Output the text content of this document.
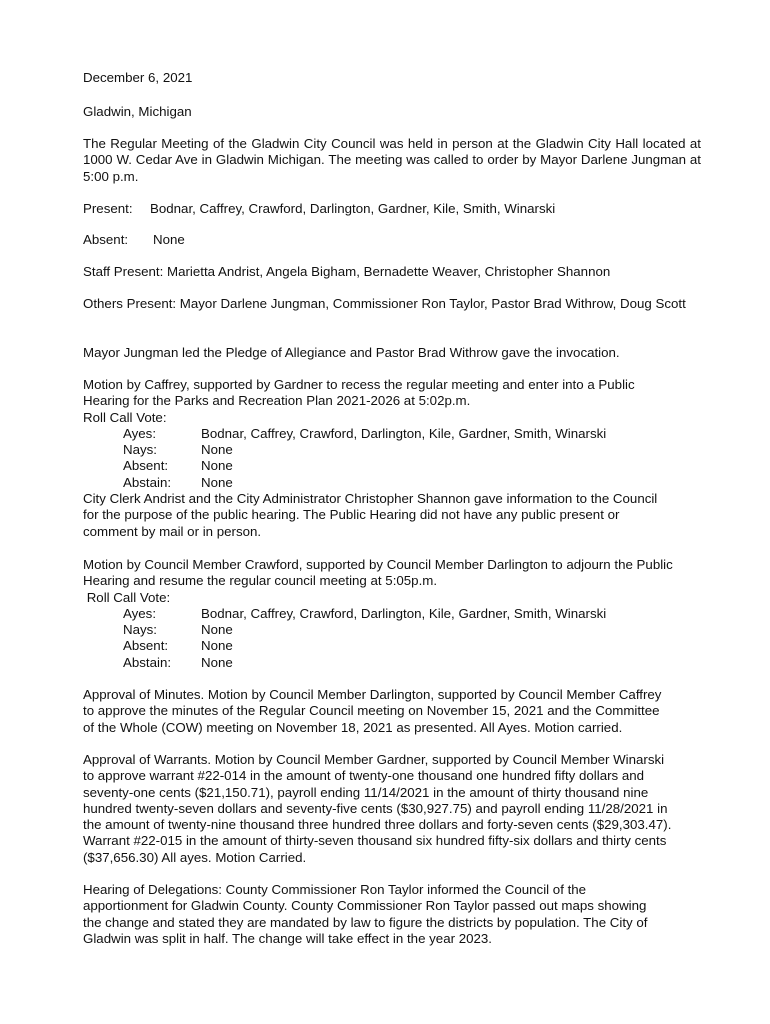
December 6, 2021

Gladwin, Michigan

The Regular Meeting of the Gladwin City Council was held in person at the Gladwin City Hall located at 1000 W. Cedar Ave in Gladwin Michigan. The meeting was called to order by Mayor Darlene Jungman at 5:00 p.m.

Present:	Bodnar, Caffrey, Crawford, Darlington, Gardner, Kile, Smith, Winarski
Absent:	None

Staff Present: Marietta Andrist, Angela Bigham, Bernadette Weaver, Christopher Shannon

Others Present: Mayor Darlene Jungman, Commissioner Ron Taylor, Pastor Brad Withrow, Doug Scott

Mayor Jungman led the Pledge of Allegiance and Pastor Brad Withrow gave the invocation.

Motion by Caffrey, supported by Gardner to recess the regular meeting and enter into a Public
Hearing for the Parks and Recreation Plan 2021-2026 at 5:02p.m.
Roll Call Vote:
Ayes:	Bodnar, Caffrey, Crawford, Darlington, Kile, Gardner, Smith, Winarski
Nays:	None
Absent:	None
Abstain:	None
City Clerk Andrist and the City Administrator Christopher Shannon gave information to the Council
for the purpose of the public hearing. The Public Hearing did not have any public present or
comment by mail or in person.
Motion by Council Member Crawford, supported by Council Member Darlington to adjourn the Public
Hearing and resume the regular council meeting at 5:05p.m.
Roll Call Vote:
Ayes:	Bodnar, Caffrey, Crawford, Darlington, Kile, Gardner, Smith, Winarski
Nays:	None
Absent:	None
Abstain:	None
Approval of Minutes. Motion by Council Member Darlington, supported by Council Member Caffrey
to approve the minutes of the Regular Council meeting on November 15, 2021 and the Committee
of the Whole (COW) meeting on November 18, 2021 as presented. All Ayes. Motion carried.
Approval of Warrants. Motion by Council Member Gardner, supported by Council Member Winarski
to approve warrant #22-014 in the amount of twenty-one thousand one hundred fifty dollars and
seventy-one cents ($21,150.71), payroll ending 11/14/2021 in the amount of thirty thousand nine
hundred twenty-seven dollars and seventy-five cents ($30,927.75) and payroll ending 11/28/2021 in
the amount of twenty-nine thousand three hundred three dollars and forty-seven cents ($29,303.47).
Warrant #22-015 in the amount of thirty-seven thousand six hundred fifty-six dollars and thirty cents
($37,656.30) All ayes. Motion Carried.
Hearing of Delegations: County Commissioner Ron Taylor informed the Council of the
apportionment for Gladwin County. County Commissioner Ron Taylor passed out maps showing
the change and stated they are mandated by law to figure the districts by population. The City of
Gladwin was split in half. The change will take effect in the year 2023.
